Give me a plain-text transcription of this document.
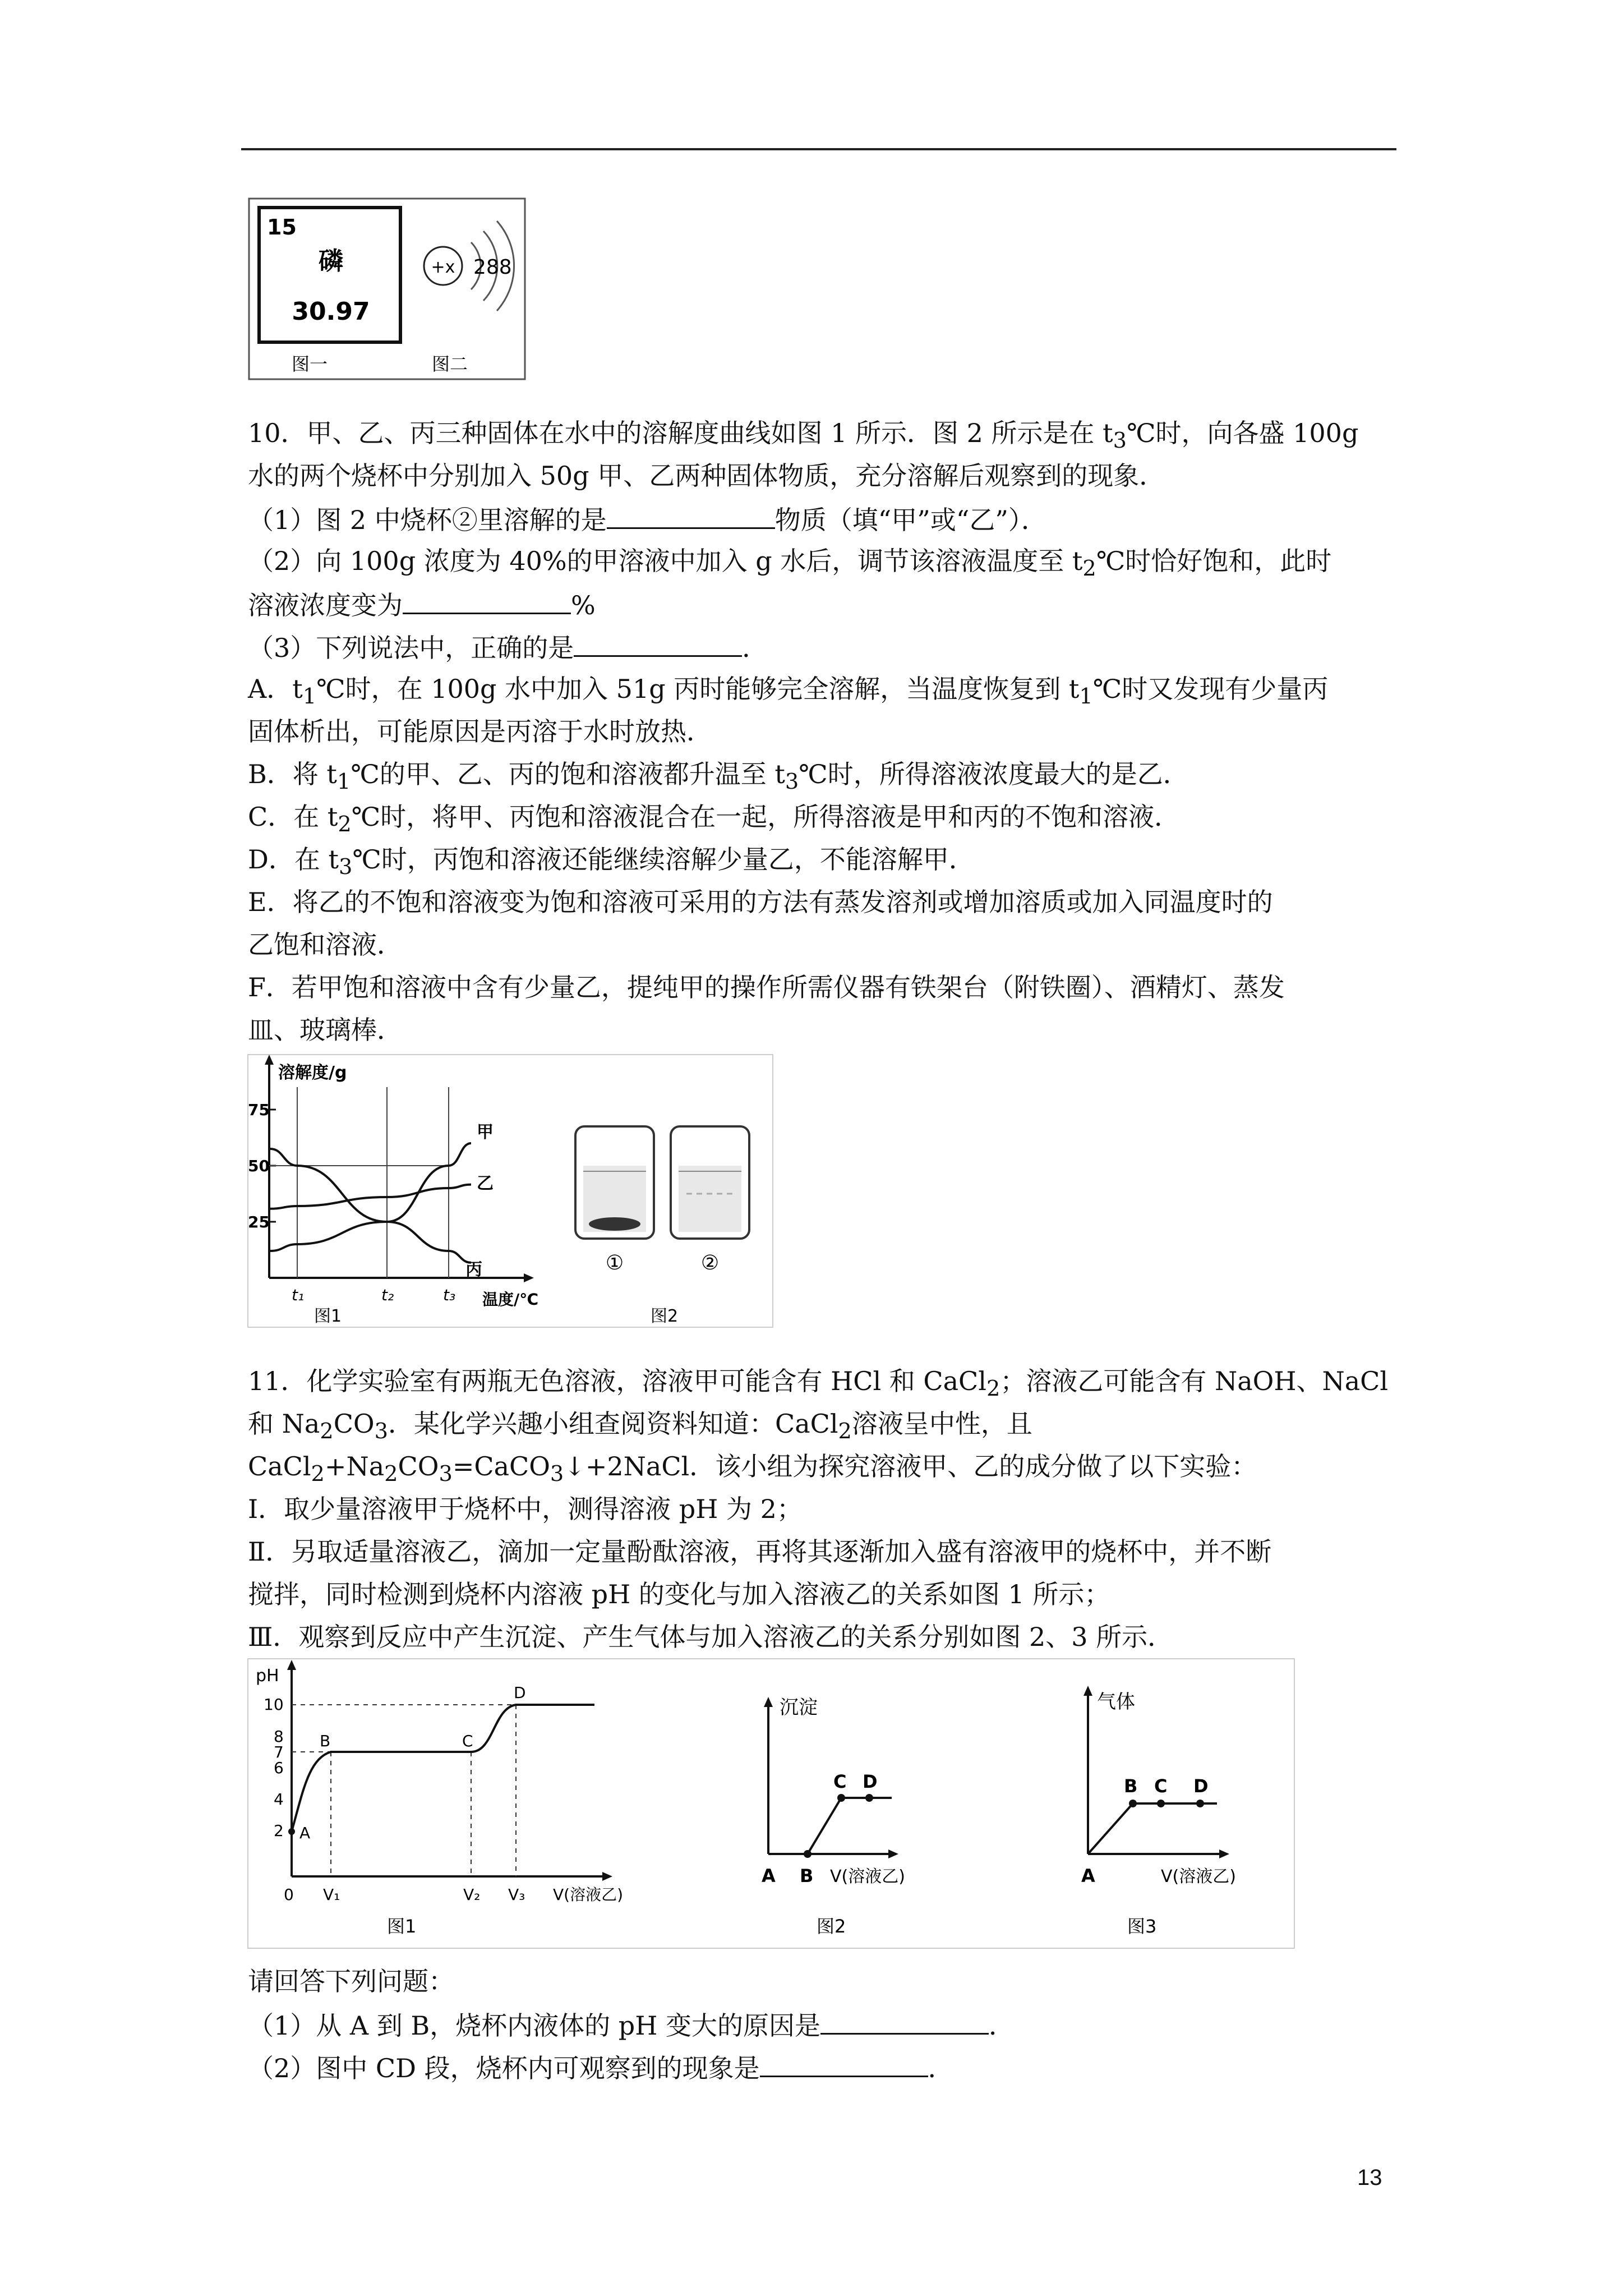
15
磷
30.97
+x 288
图一	图二
10．甲、乙、丙三种固体在水中的溶解度曲线如图 1 所示．图 2 所示是在 $t_3℃$时，向各盛 100g
水的两个烧杯中分别加入 50g 甲、乙两种固体物质，充分溶解后观察到的现象．
（1）图 2 中烧杯②里溶解的是	物质（填“甲”或“乙”）．
（2）向 100g 浓度为 40%的甲溶液中加入 g 水后，调节该溶液温度至 $t_2℃$时恰好饱和，此时
溶液浓度变为	%
（3）下列说法中，正确的是	．
A．$t_1℃$时，在 100g 水中加入 51g 丙时能够完全溶解，当温度恢复到 $t_1℃$时又发现有少量丙
固体析出，可能原因是丙溶于水时放热．
B．将 $t_1℃$的甲、乙、丙的饱和溶液都升温至 $t_3℃$时，所得溶液浓度最大的是乙．
C．在 $t_2℃$时，将甲、丙饱和溶液混合在一起，所得溶液是甲和丙的不饱和溶液．
D．在 $t_3℃$时，丙饱和溶液还能继续溶解少量乙，不能溶解甲．
E．将乙的不饱和溶液变为饱和溶液可采用的方法有蒸发溶剂或增加溶质或加入同温度时的
乙饱和溶液．
F．若甲饱和溶液中含有少量乙，提纯甲的操作所需仪器有铁架台（附铁圈）、酒精灯、蒸发
皿、玻璃棒．
溶解度/g
温度/℃
图1
25
50
75
t₁	t₂	t₃
甲
乙
丙	①	②
图2
11．化学实验室有两瓶无色溶液，溶液甲可能含有 HCl 和 CaCl$_2$；溶液乙可能含有 NaOH、NaCl
和 $Na_2CO_3$．某化学兴趣小组查阅资料知道：CaCl$_2$溶液呈中性，且
$CaCl_2+Na_2CO_3=CaCO_3↓+2NaCl$．该小组为探究溶液甲、乙的成分做了以下实验：
Ⅰ．取少量溶液甲于烧杯中，测得溶液 pH 为 2；
Ⅱ．另取适量溶液乙，滴加一定量酚酞溶液，再将其逐渐加入盛有溶液甲的烧杯中，并不断
搅拌，同时检测到烧杯内溶液 pH 的变化与加入溶液乙的关系如图 1 所示；
Ⅲ．观察到反应中产生沉淀、产生气体与加入溶液乙的关系分别如图 2、3 所示．
pH
10
8
7
6
4
2 A
B	C
D
0 V₁	V₂ V₃ V(溶液乙)
图1
沉淀
C D
A B V(溶液乙)
图2
气体
B C D
A	V(溶液乙)
图3
请回答下列问题：
（1）从 A 到 B，烧杯内液体的 pH 变大的原因是	．
（2）图中 CD 段，烧杯内可观察到的现象是	．
13
